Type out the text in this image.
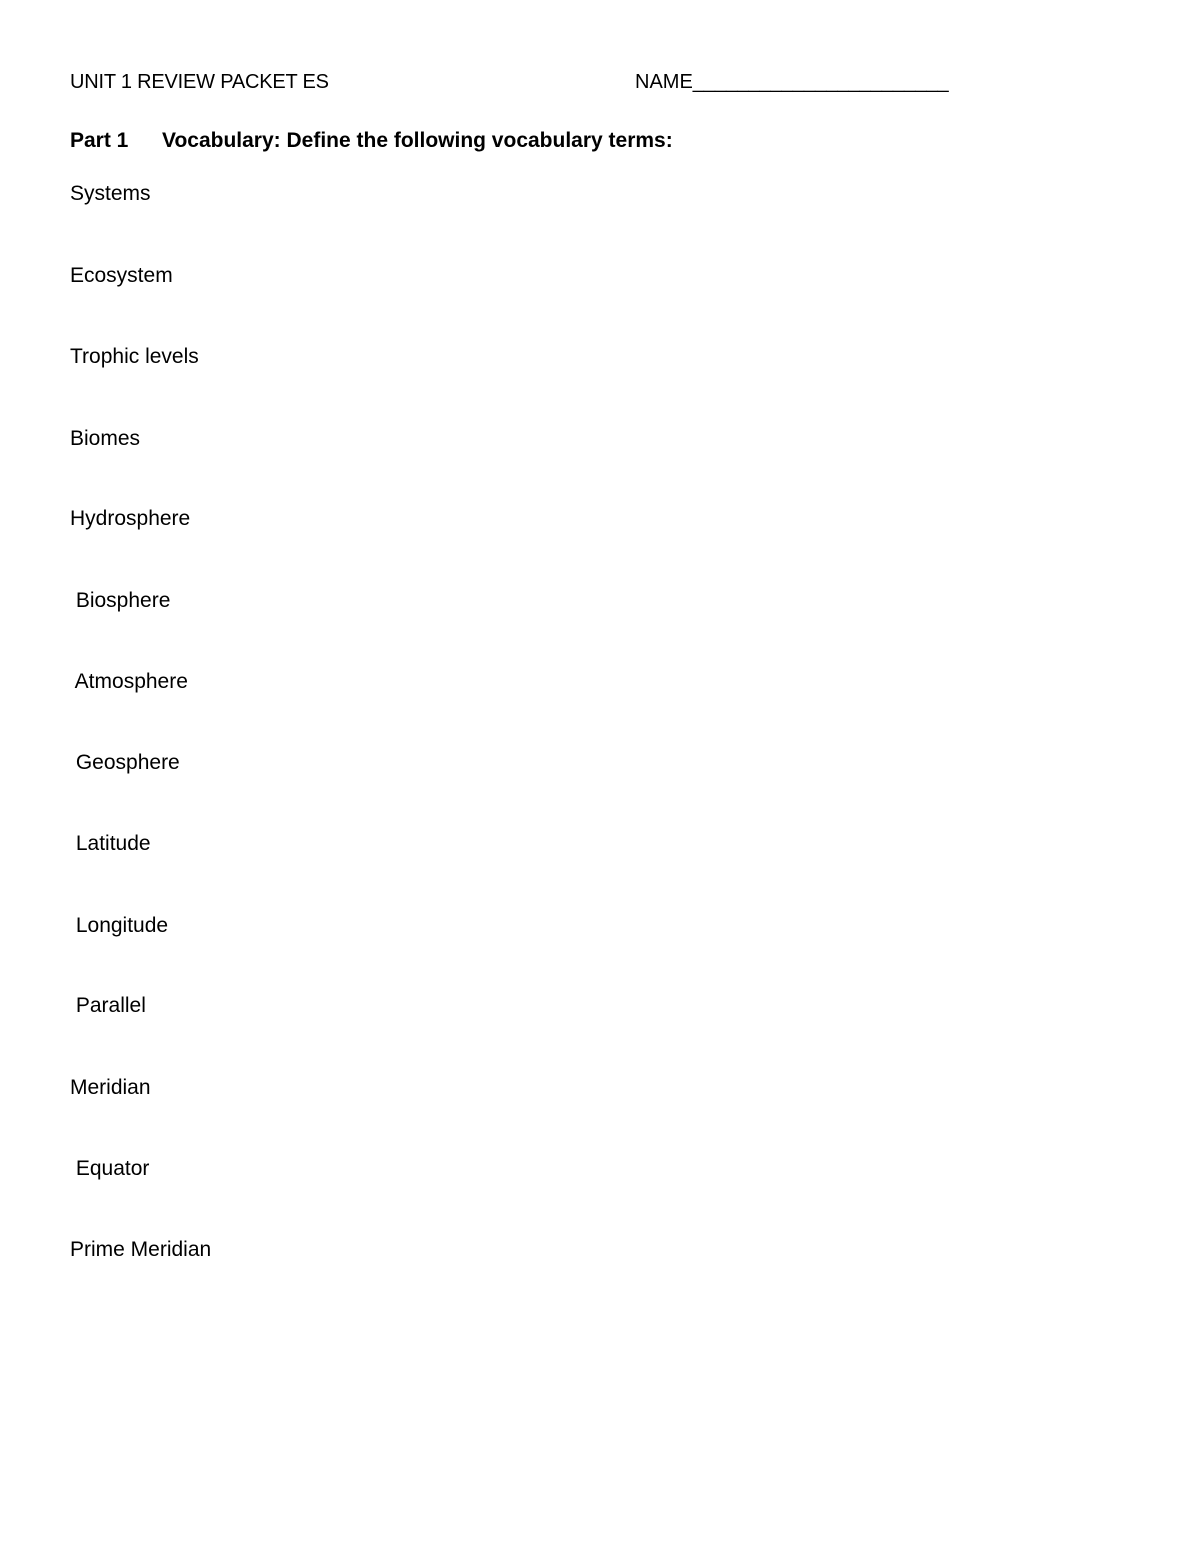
UNIT 1 REVIEW PACKET ES	NAME_______________________
Part 1 Vocabulary: Define the following vocabulary terms:
Systems
Ecosystem
Trophic levels
Biomes
Hydrosphere
Biosphere
Atmosphere
Geosphere
Latitude
Longitude
Parallel
Meridian
Equator
Prime Meridian
